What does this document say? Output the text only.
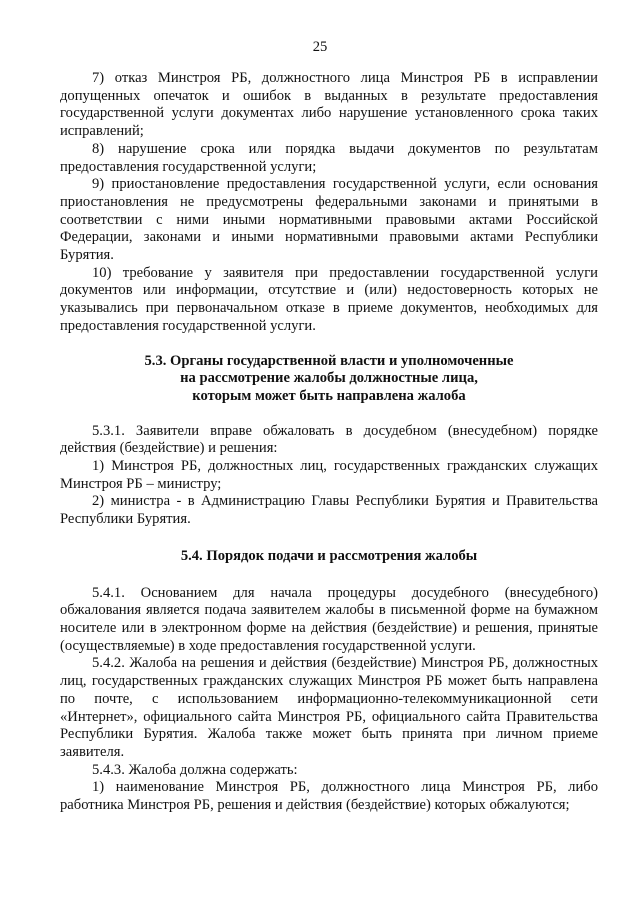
25

7) отказ Минстроя РБ, должностного лица Минстроя РБ в исправлении допущенных опечаток и ошибок в выданных в результате предоставления государственной услуги документах либо нарушение установленного срока таких исправлений;

8) нарушение срока или порядка выдачи документов по результатам предоставления государственной услуги;

9) приостановление предоставления государственной услуги, если основания приостановления не предусмотрены федеральными законами и принятыми в соответствии с ними иными нормативными правовыми актами Российской Федерации, законами и иными нормативными правовыми актами Республики Бурятия.

10) требование у заявителя при предоставлении государственной услуги документов или информации, отсутствие и (или) недостоверность которых не указывались при первоначальном отказе в приеме документов, необходимых для предоставления государственной услуги.

5.3. Органы государственной власти и уполномоченные
на рассмотрение жалобы должностные лица,
которым может быть направлена жалоба

5.3.1. Заявители вправе обжаловать в досудебном (внесудебном) порядке действия (бездействие) и решения:

1) Минстроя РБ, должностных лиц, государственных гражданских служащих Минстроя РБ – министру;

2) министра - в Администрацию Главы Республики Бурятия и Правительства Республики Бурятия.

5.4. Порядок подачи и рассмотрения жалобы

5.4.1. Основанием для начала процедуры досудебного (внесудебного) обжалования является подача заявителем жалобы в письменной форме на бумажном носителе или в электронном форме на действия (бездействие) и решения, принятые (осуществляемые) в ходе предоставления государственной услуги.

5.4.2. Жалоба на решения и действия (бездействие) Минстроя РБ, должностных лиц, государственных гражданских служащих Минстроя РБ может быть направлена по почте, с использованием информационно-телекоммуникационной сети «Интернет», официального сайта Минстроя РБ, официального сайта Правительства Республики Бурятия. Жалоба также может быть принята при личном приеме заявителя.

5.4.3. Жалоба должна содержать:

1) наименование Минстроя РБ, должностного лица Минстроя РБ, либо работника Минстроя РБ, решения и действия (бездействие) которых обжалуются;
